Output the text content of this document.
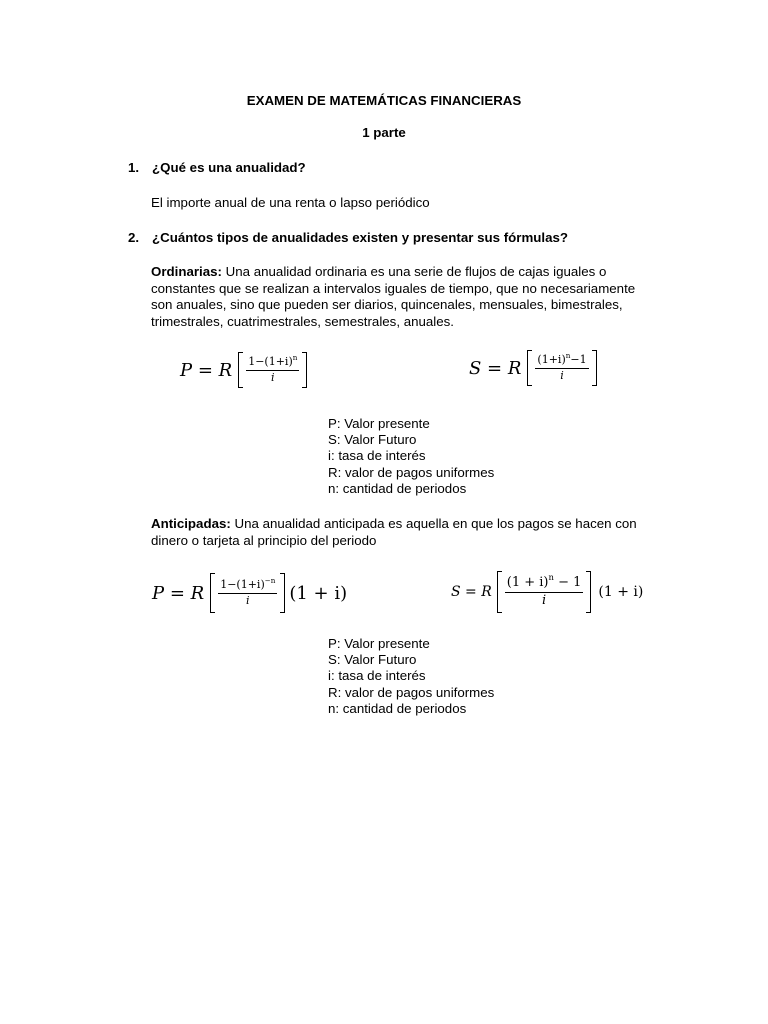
EXAMEN DE MATEMÁTICAS FINANCIERAS
1 parte
1. ¿Qué es una anualidad?
El importe anual de una renta o lapso periódico
2. ¿Cuántos tipos de anualidades existen y presentar sus fórmulas?
Ordinarias: Una anualidad ordinaria es una serie de flujos de cajas iguales o constantes que se realizan a intervalos iguales de tiempo, que no necesariamente son anuales, sino que pueden ser diarios, quincenales, mensuales, bimestrales, trimestrales, cuatrimestrales, semestrales, anuales.
P = R $\frac{1-(1+i)^n}{i}$	S = R $\frac{(1+i)^n-1}{i}$
P: Valor presente
S: Valor Futuro
i: tasa de interés
R: valor de pagos uniformes
n: cantidad de periodos
Anticipadas: Una anualidad anticipada es aquella en que los pagos se hacen con dinero o tarjeta al principio del periodo
P = R $\frac{1-(1+i)^{-n}}{i} (1 + i)$	S = R $\frac{(1 + i)^n - 1}{i} (1 + i)$
P: Valor presente
S: Valor Futuro
i: tasa de interés
R: valor de pagos uniformes
n: cantidad de periodos
